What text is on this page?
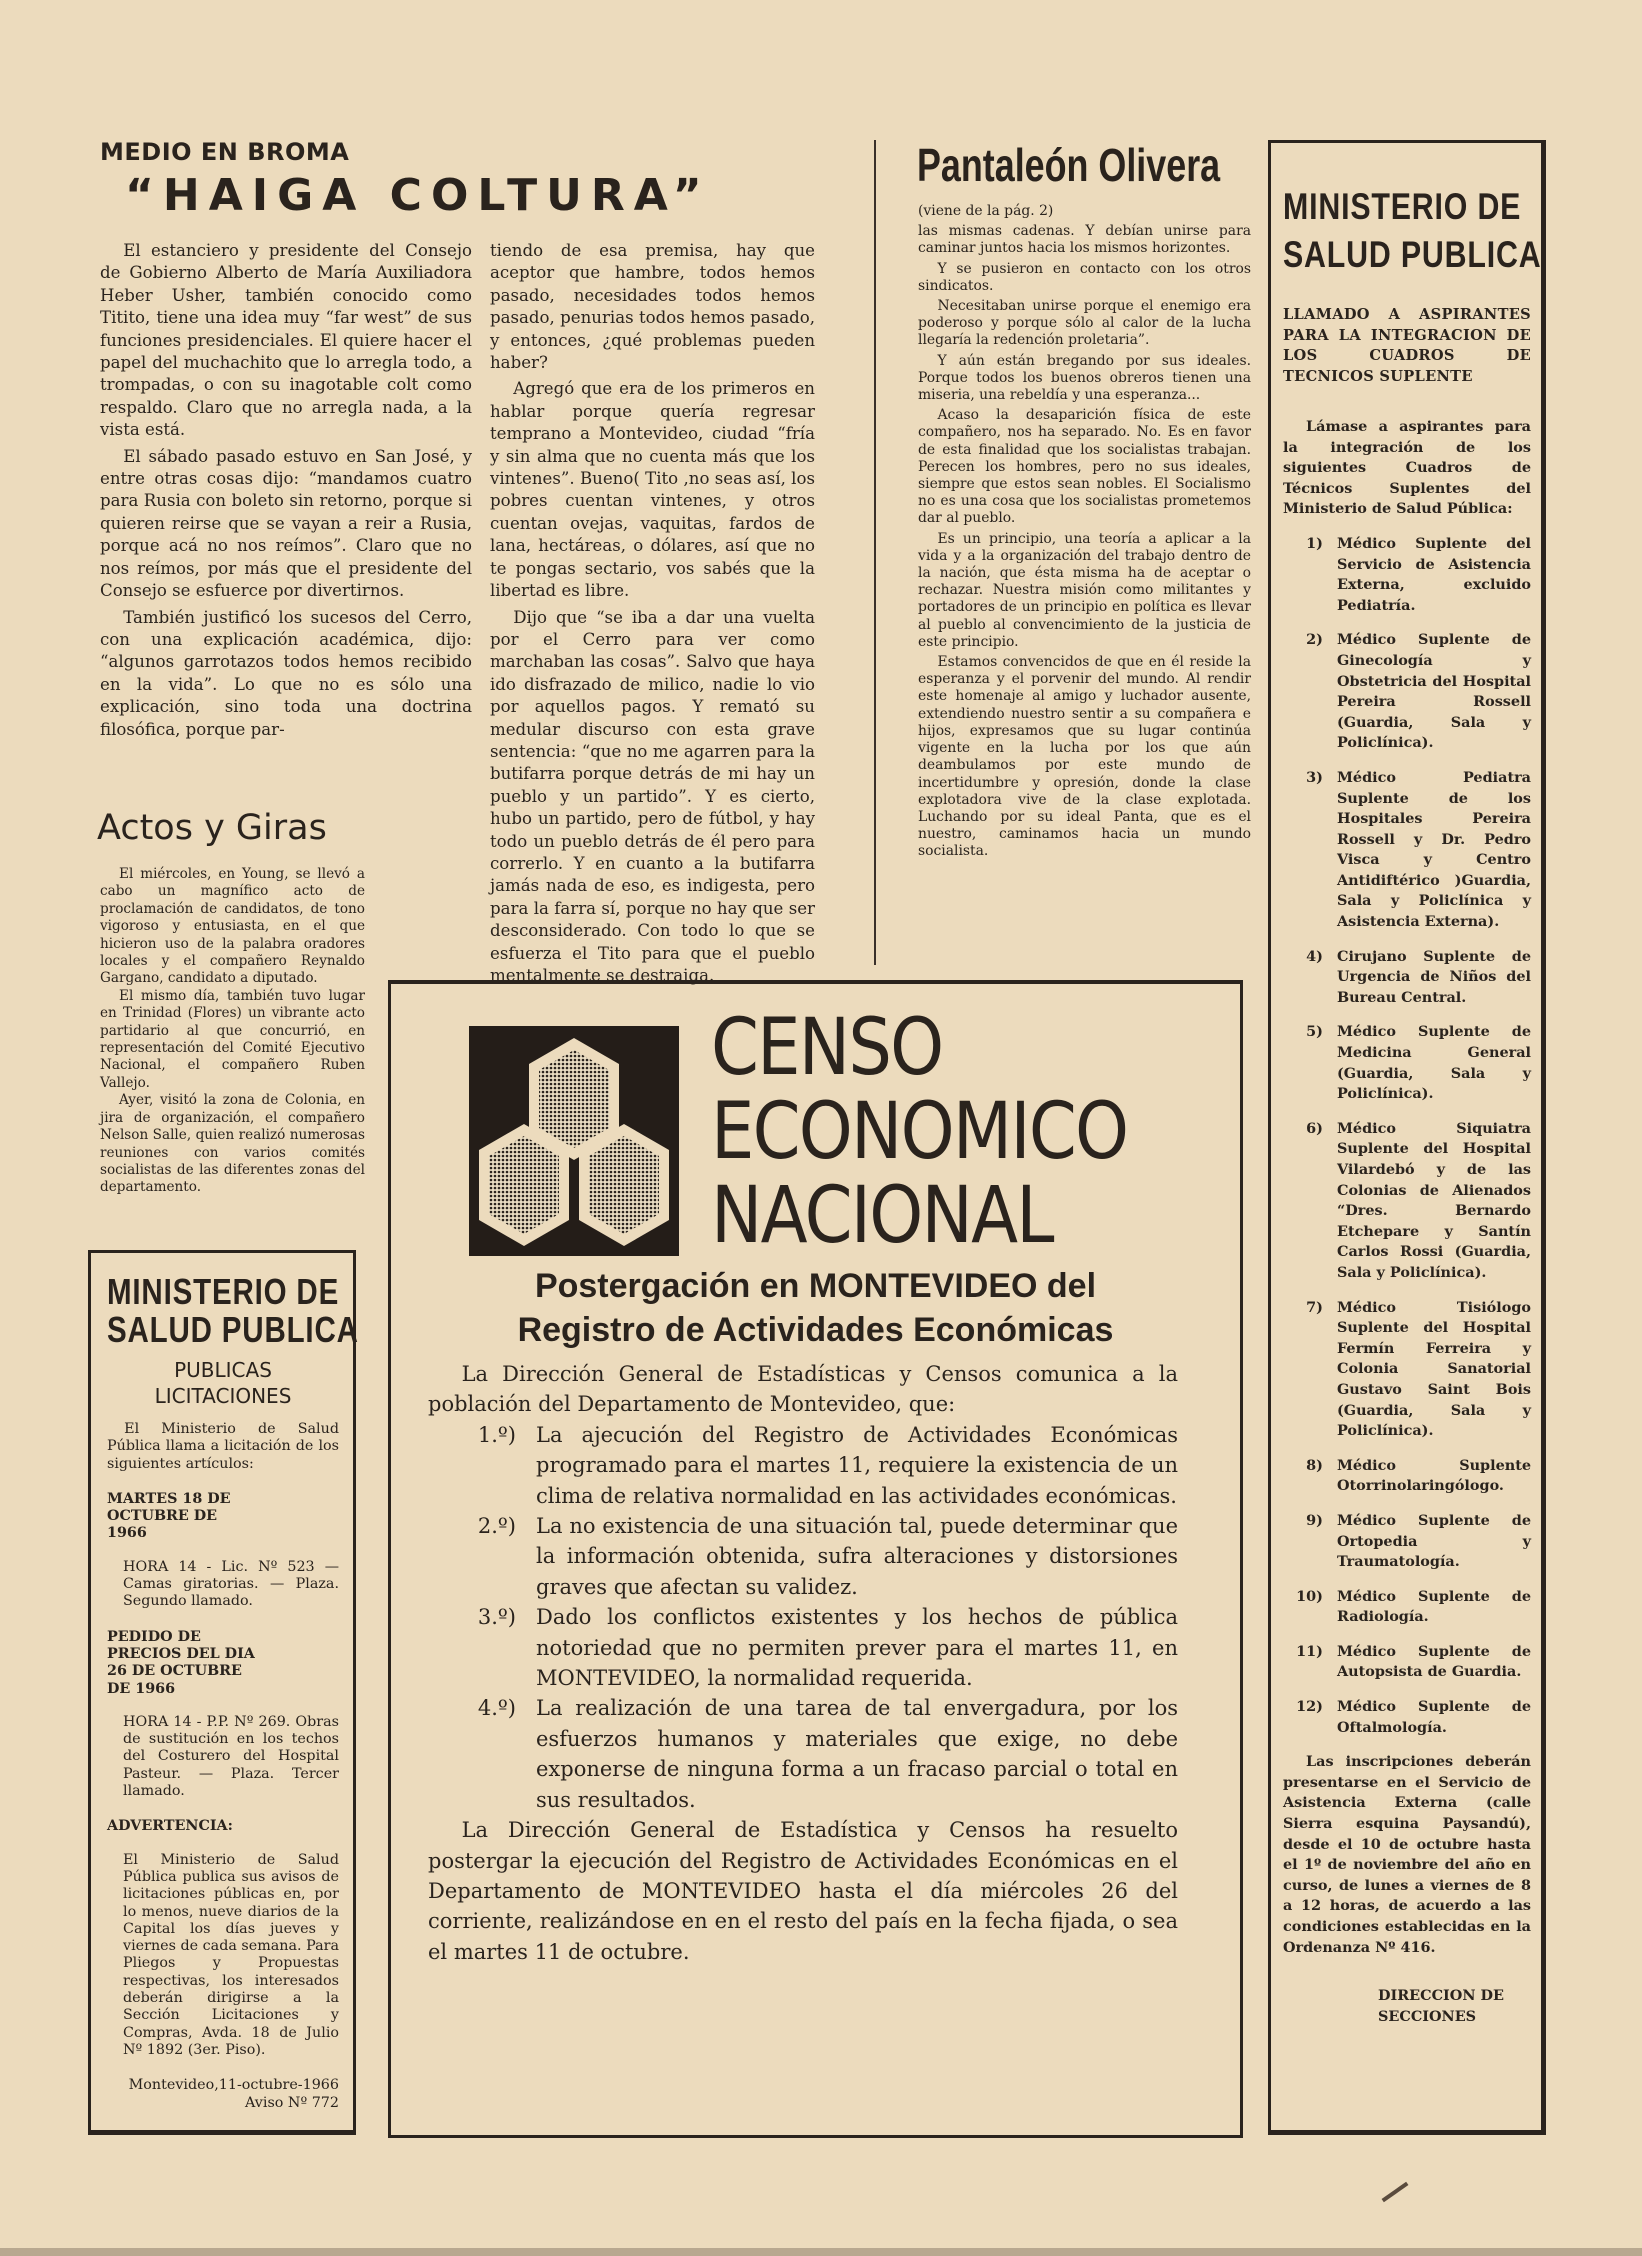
MEDIO EN BROMA
“HAIGA COLTURA”

El estanciero y presidente del Consejo de Gobierno Alberto de María Auxiliadora Heber Usher, también conocido como Titito, tiene una idea muy “far west” de sus funciones presidenciales. El quiere hacer el papel del muchachito que lo arregla todo, a trompadas, o con su inagotable colt como respaldo. Claro que no arregla nada, a la vista está.

El sábado pasado estuvo en San José, y entre otras cosas dijo: “mandamos cuatro para Rusia con boleto sin retorno, porque si quieren reirse que se vayan a reir a Rusia, porque acá no nos reímos”. Claro que no nos reímos, por más que el presidente del Consejo se esfuerce por divertirnos.

También justificó los sucesos del Cerro, con una explicación académica, dijo: “algunos garrotazos todos hemos recibido en la vida”. Lo que no es sólo una explicación, sino toda una doctrina filosófica, porque par-

tiendo de esa premisa, hay que aceptor que hambre, todos hemos pasado, necesidades todos hemos pasado, penurias todos hemos pasado, y entonces, ¿qué problemas pueden haber?

Agregó que era de los primeros en hablar porque quería regresar temprano a Montevideo, ciudad “fría y sin alma que no cuenta más que los vintenes”. Bueno( Tito ,no seas así, los pobres cuentan vintenes, y otros cuentan ovejas, vaquitas, fardos de lana, hectáreas, o dólares, así que no te pongas sectario, vos sabés que la libertad es libre.

Dijo que “se iba a dar una vuelta por el Cerro para ver como marchaban las cosas”. Salvo que haya ido disfrazado de milico, nadie lo vio por aquellos pagos. Y remató su medular discurso con esta grave sentencia: “que no me agarren para la butifarra porque detrás de mi hay un pueblo y un partido”. Y es cierto, hubo un partido, pero de fútbol, y hay todo un pueblo detrás de él pero para correrlo. Y en cuanto a la butifarra jamás nada de eso, es indigesta, pero para la farra sí, porque no hay que ser desconsiderado. Con todo lo que se esfuerza el Tito para que el pueblo mentalmente se destraiga.

Actos y Giras

El miércoles, en Young, se llevó a cabo un magnífico acto de proclamación de candidatos, de tono vigoroso y entusiasta, en el que hicieron uso de la palabra oradores locales y el compañero Reynaldo Gargano, candidato a diputado.

El mismo día, también tuvo lugar en Trinidad (Flores) un vibrante acto partidario al que concurrió, en representación del Comité Ejecutivo Nacional, el compañero Ruben Vallejo.

Ayer, visitó la zona de Colonia, en jira de organización, el compañero Nelson Salle, quien realizó numerosas reuniones con varios comités socialistas de las diferentes zonas del departamento.

MINISTERIO DE
SALUD PUBLICA
PUBLICAS
LICITACIONES
El Ministerio de Salud Pública llama a licitación de los siguientes artículos:
MARTES 18 DE OCTUBRE DE 1966
HORA 14 - Lic. Nº 523 — Camas giratorias. — Plaza. Segundo llamado.
PEDIDO DE PRECIOS DEL DIA 26 DE OCTUBRE DE 1966
HORA 14 - P.P. Nº 269. Obras de sustitución en los techos del Costurero del Hospital Pasteur. — Plaza. Tercer llamado.
ADVERTENCIA:
El Ministerio de Salud Pública publica sus avisos de licitaciones públicas en, por lo menos, nueve diarios de la Capital los días jueves y viernes de cada semana. Para Pliegos y Propuestas respectivas, los interesados deberán dirigirse a la Sección Licitaciones y Compras, Avda. 18 de Julio Nº 1892 (3er. Piso).
Montevideo,11-octubre-1966
Aviso Nº 772
Pantaleón Olivera

(viene de la pág. 2)

las mismas cadenas. Y debían unirse para caminar juntos hacia los mismos horizontes.

Y se pusieron en contacto con los otros sindicatos.

Necesitaban unirse porque el enemigo era poderoso y porque sólo al calor de la lucha llegaría la redención proletaria”.

Y aún están bregando por sus ideales. Porque todos los buenos obreros tienen una miseria, una rebeldía y una esperanza...

Acaso la desaparición física de este compañero, nos ha separado. No. Es en favor de esta finalidad que los socialistas trabajan. Perecen los hombres, pero no sus ideales, siempre que estos sean nobles. El Socialismo no es una cosa que los socialistas prometemos dar al pueblo.

Es un principio, una teoría a aplicar a la vida y a la organización del trabajo dentro de la nación, que ésta misma ha de aceptar o rechazar. Nuestra misión como militantes y portadores de un principio en política es llevar al pueblo al convencimiento de la justicia de este principio.

Estamos convencidos de que en él reside la esperanza y el porvenir del mundo. Al rendir este homenaje al amigo y luchador ausente, extendiendo nuestro sentir a su compañera e hijos, expresamos que su lugar continúa vigente en la lucha por los que aún deambulamos por este mundo de incertidumbre y opresión, donde la clase explotadora vive de la clase explotada. Luchando por su ideal Panta, que es el nuestro, caminamos hacia un mundo socialista.

MINISTERIO DE
SALUD PUBLICA
LLAMADO A ASPIRANTES PARA LA INTEGRACION DE LOS CUADROS DE TECNICOS SUPLENTE
Lámase a aspirantes para la integración de los siguientes Cuadros de Técnicos Suplentes del Ministerio de Salud Pública:
1) Médico Suplente del Servicio de Asistencia Externa, excluido Pediatría.
2) Médico Suplente de Ginecología y Obstetricia del Hospital Pereira Rossell (Guardia, Sala y Policlínica).
3) Médico Pediatra Suplente de los Hospitales Pereira Rossell y Dr. Pedro Visca y Centro Antidiftérico )Guardia, Sala y Policlínica y Asistencia Externa).
4) Cirujano Suplente de Urgencia de Niños del Bureau Central.
5) Médico Suplente de Medicina General (Guardia, Sala y Policlínica).
6) Médico Siquiatra Suplente del Hospital Vilardebó y de las Colonias de Alienados “Dres. Bernardo Etchepare y Santín Carlos Rossi (Guardia, Sala y Policlínica).
7) Médico Tisiólogo Suplente del Hospital Fermín Ferreira y Colonia Sanatorial Gustavo Saint Bois (Guardia, Sala y Policlínica).
8) Médico Suplente Otorrinolaringólogo.
9) Médico Suplente de Ortopedia y Traumatología.
10) Médico Suplente de Radiología.
11) Médico Suplente de Autopsista de Guardia.
12) Médico Suplente de Oftalmología.
Las inscripciones deberán presentarse en el Servicio de Asistencia Externa (calle Sierra esquina Paysandú), desde el 10 de octubre hasta el 1º de noviembre del año en curso, de lunes a viernes de 8 a 12 horas, de acuerdo a las condiciones establecidas en la Ordenanza Nº 416.
DIRECCION DE
SECCIONES
CENSO
ECONOMICO
NACIONAL
Postergación en MONTEVIDEO del
Registro de Actividades Económicas
La Dirección General de Estadísticas y Censos comunica a la población del Departamento de Montevideo, que:
1.º) La ajecución del Registro de Actividades Económicas programado para el martes 11, requiere la existencia de un clima de relativa normalidad en las actividades económicas.
2.º) La no existencia de una situación tal, puede determinar que la información obtenida, sufra alteraciones y distorsiones graves que afectan su validez.
3.º) Dado los conflictos existentes y los hechos de pública notoriedad que no permiten prever para el martes 11, en MONTEVIDEO, la normalidad requerida.
4.º) La realización de una tarea de tal envergadura, por los esfuerzos humanos y materiales que exige, no debe exponerse de ninguna forma a un fracaso parcial o total en sus resultados.
La Dirección General de Estadística y Censos ha resuelto postergar la ejecución del Registro de Actividades Económicas en el Departamento de MONTEVIDEO hasta el día miércoles 26 del corriente, realizándose en en el resto del país en la fecha fijada, o sea el martes 11 de octubre.
